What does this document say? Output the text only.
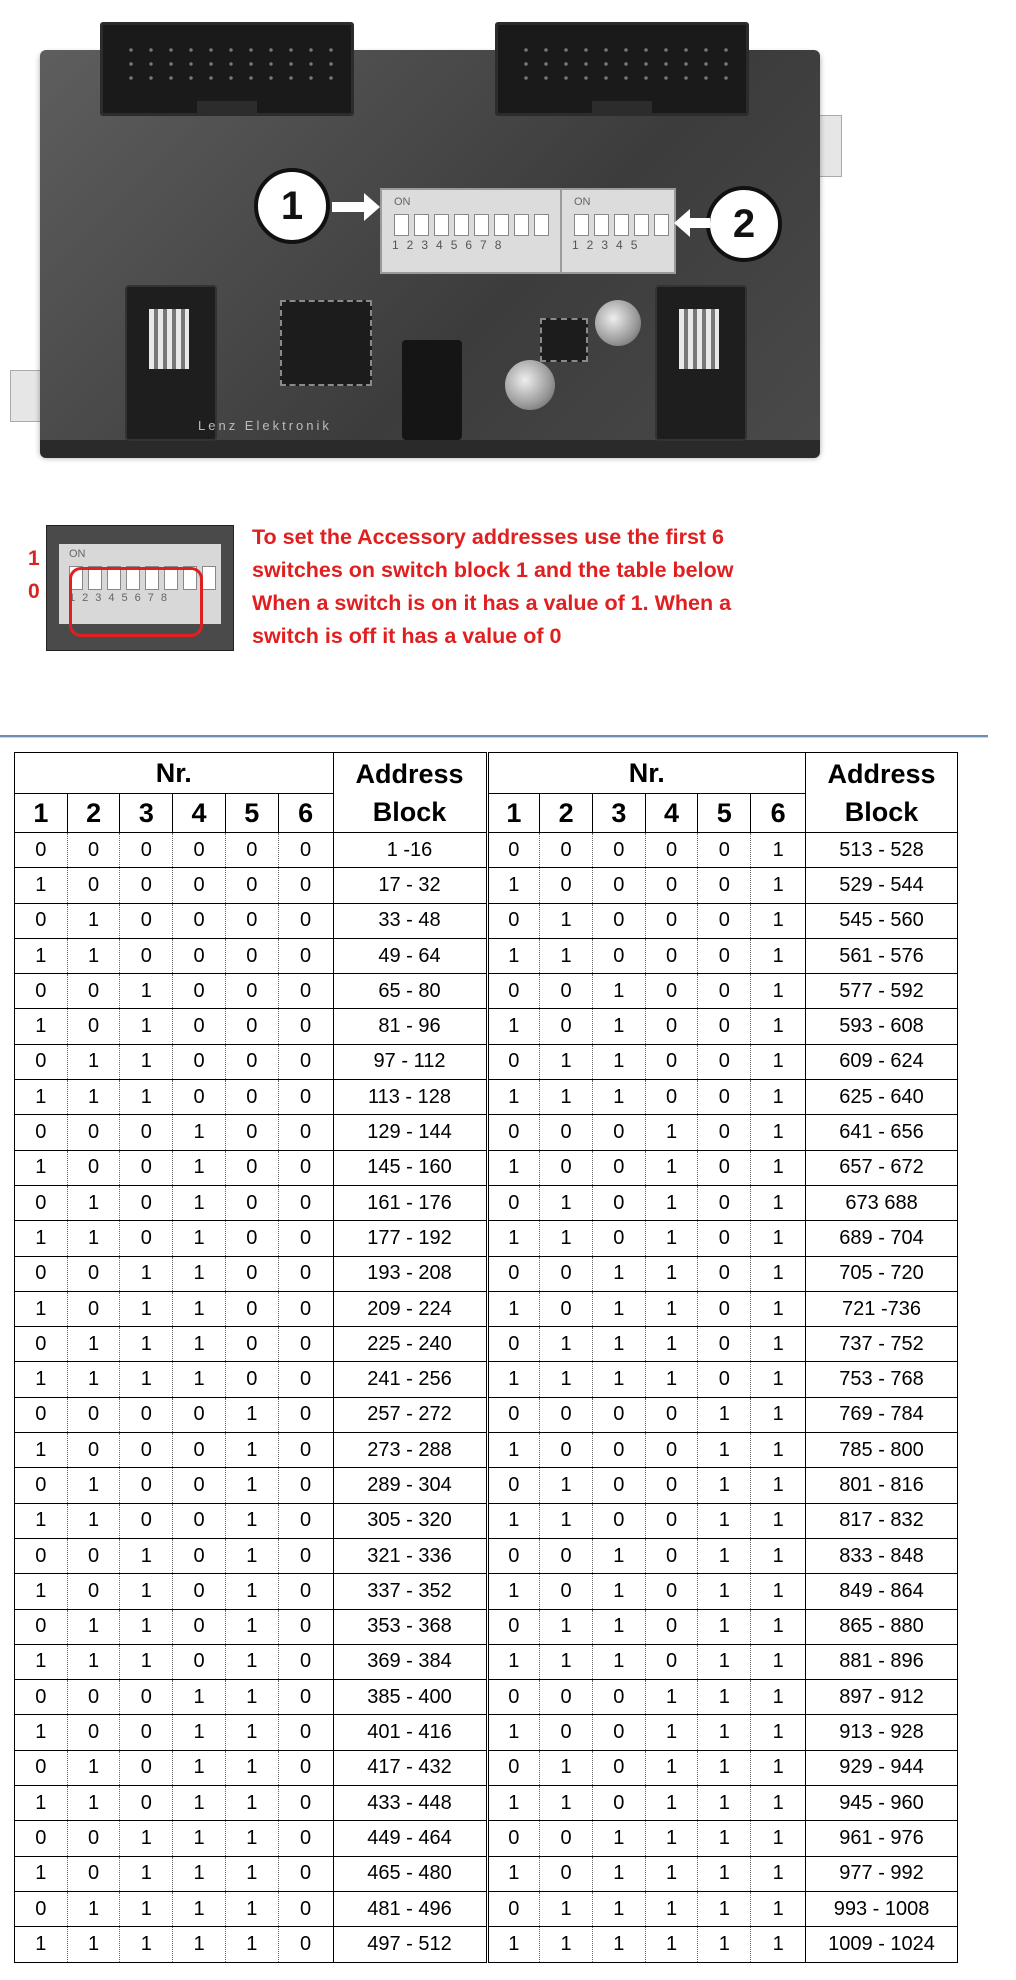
ON
12345678
ON
12345
1	2
Lenz Elektronik
1
0
ON
12345678
To set the Accessory addresses use the first 6
switches on switch block 1 and the table below
When a switch is on it has a value of 1. When a
switch is off it has a value of 0
Nr.						Address
Block	Nr.						Address
Block
1	2	3	4	5	6		1	2	3	4	5	6	
0	0	0	0	0	0	1 -16	0	0	0	0	0	1	513 - 528
1	0	0	0	0	0	17 - 32	1	0	0	0	0	1	529 - 544
0	1	0	0	0	0	33 - 48	0	1	0	0	0	1	545 - 560
1	1	0	0	0	0	49 - 64	1	1	0	0	0	1	561 - 576
0	0	1	0	0	0	65 - 80	0	0	1	0	0	1	577 - 592
1	0	1	0	0	0	81 - 96	1	0	1	0	0	1	593 - 608
0	1	1	0	0	0	97 - 112	0	1	1	0	0	1	609 - 624
1	1	1	0	0	0	113 - 128	1	1	1	0	0	1	625 - 640
0	0	0	1	0	0	129 - 144	0	0	0	1	0	1	641 - 656
1	0	0	1	0	0	145 - 160	1	0	0	1	0	1	657 - 672
0	1	0	1	0	0	161 - 176	0	1	0	1	0	1	673 688
1	1	0	1	0	0	177 - 192	1	1	0	1	0	1	689 - 704
0	0	1	1	0	0	193 - 208	0	0	1	1	0	1	705 - 720
1	0	1	1	0	0	209 - 224	1	0	1	1	0	1	721 -736
0	1	1	1	0	0	225 - 240	0	1	1	1	0	1	737 - 752
1	1	1	1	0	0	241 - 256	1	1	1	1	0	1	753 - 768
0	0	0	0	1	0	257 - 272	0	0	0	0	1	1	769 - 784
1	0	0	0	1	0	273 - 288	1	0	0	0	1	1	785 - 800
0	1	0	0	1	0	289 - 304	0	1	0	0	1	1	801 - 816
1	1	0	0	1	0	305 - 320	1	1	0	0	1	1	817 - 832
0	0	1	0	1	0	321 - 336	0	0	1	0	1	1	833 - 848
1	0	1	0	1	0	337 - 352	1	0	1	0	1	1	849 - 864
0	1	1	0	1	0	353 - 368	0	1	1	0	1	1	865 - 880
1	1	1	0	1	0	369 - 384	1	1	1	0	1	1	881 - 896
0	0	0	1	1	0	385 - 400	0	0	0	1	1	1	897 - 912
1	0	0	1	1	0	401 - 416	1	0	0	1	1	1	913 - 928
0	1	0	1	1	0	417 - 432	0	1	0	1	1	1	929 - 944
1	1	0	1	1	0	433 - 448	1	1	0	1	1	1	945 - 960
0	0	1	1	1	0	449 - 464	0	0	1	1	1	1	961 - 976
1	0	1	1	1	0	465 - 480	1	0	1	1	1	1	977 - 992
0	1	1	1	1	0	481 - 496	0	1	1	1	1	1	993 - 1008
1	1	1	1	1	0	497 - 512	1	1	1	1	1	1	1009 - 1024
